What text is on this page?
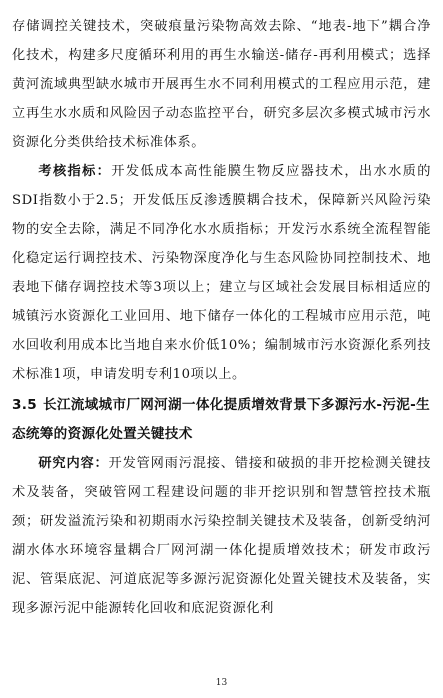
存储调控关键技术，突破痕量污染物高效去除、“地表-地下”耦合净化技术，构建多尺度循环利用的再生水输送-储存-再利用模式；选择黄河流域典型缺水城市开展再生水不同利用模式的工程应用示范，建立再生水水质和风险因子动态监控平台，研究多层次多模式城市污水资源化分类供给技术标准体系。

考核指标：开发低成本高性能膜生物反应器技术，出水水质的SDI指数小于2.5；开发低压反渗透膜耦合技术，保障新兴风险污染物的安全去除，满足不同净化水水质指标；开发污水系统全流程智能化稳定运行调控技术、污染物深度净化与生态风险协同控制技术、地表地下储存调控技术等3项以上；建立与区域社会发展目标相适应的城镇污水资源化工业回用、地下储存一体化的工程城市应用示范，吨水回收利用成本比当地自来水价低10%；编制城市污水资源化系列技术标准1项，申请发明专利10项以上。

3.5 长江流域城市厂网河湖一体化提质增效背景下多源污水-污泥-生态统筹的资源化处置关键技术

研究内容：开发管网雨污混接、错接和破损的非开挖检测关键技术及装备，突破管网工程建设问题的非开挖识别和智慧管控技术瓶颈；研发溢流污染和初期雨水污染控制关键技术及装备，创新受纳河湖水体水环境容量耦合厂网河湖一体化提质增效技术；研发市政污泥、管渠底泥、河道底泥等多源污泥资源化处置关键技术及装备，实现多源污泥中能源转化回收和底泥资源化利

13
